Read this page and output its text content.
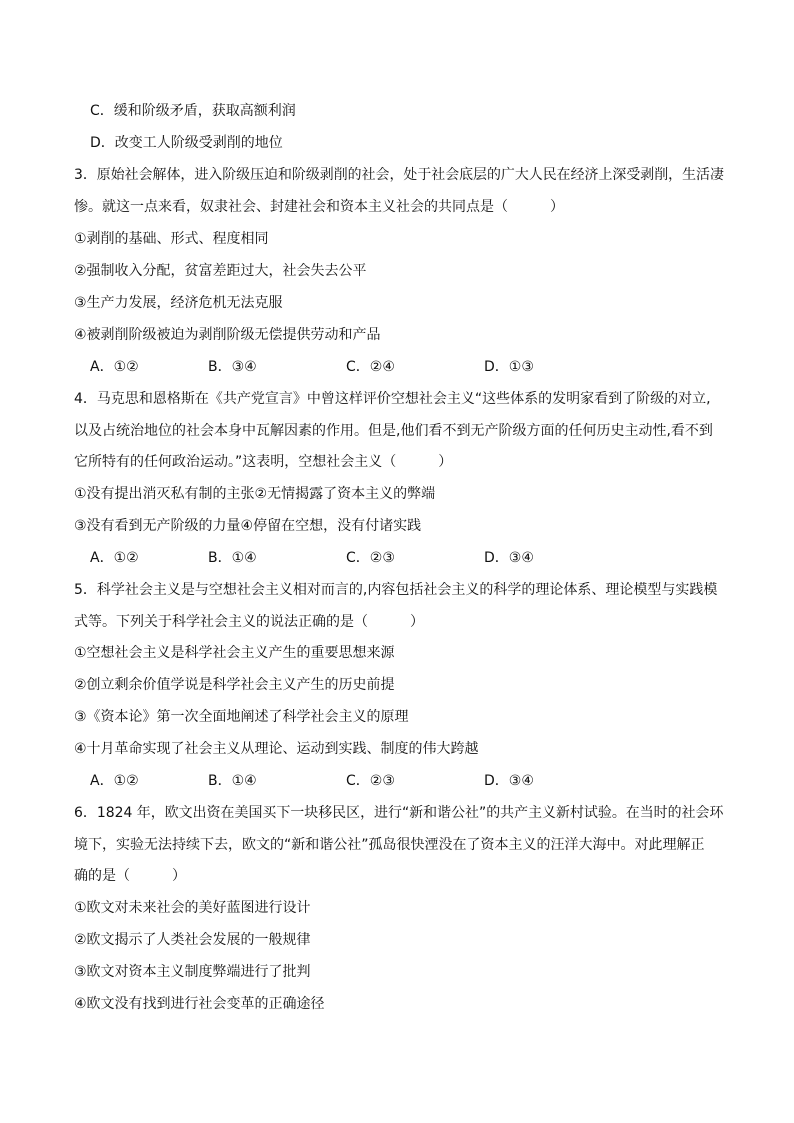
C．缓和阶级矛盾，获取高额利润
D．改变工人阶级受剥削的地位
3．原始社会解体，进入阶级压迫和阶级剥削的社会，处于社会底层的广大人民在经济上深受剥削，生活凄
惨。就这一点来看，奴隶社会、封建社会和资本主义社会的共同点是（　　　）
①剥削的基础、形式、程度相同
②强制收入分配，贫富差距过大，社会失去公平
③生产力发展，经济危机无法克服
④被剥削阶级被迫为剥削阶级无偿提供劳动和产品
A．①②	B．③④	C．②④	D．①③
4．马克思和恩格斯在《共产党宣言》中曾这样评价空想社会主义“这些体系的发明家看到了阶级的对立,
以及占统治地位的社会本身中瓦解因素的作用。但是,他们看不到无产阶级方面的任何历史主动性,看不到
它所特有的任何政治运动。”这表明，空想社会主义（　　　）
①没有提出消灭私有制的主张②无情揭露了资本主义的弊端
③没有看到无产阶级的力量④停留在空想，没有付诸实践
A．①②	B．①④	C．②③	D．③④
5．科学社会主义是与空想社会主义相对而言的,内容包括社会主义的科学的理论体系、理论模型与实践模
式等。下列关于科学社会主义的说法正确的是（　　　）
①空想社会主义是科学社会主义产生的重要思想来源
②创立剩余价值学说是科学社会主义产生的历史前提
③《资本论》第一次全面地阐述了科学社会主义的原理
④十月革命实现了社会主义从理论、运动到实践、制度的伟大跨越
A．①②	B．①④	C．②③	D．③④
6．1824 年，欧文出资在美国买下一块移民区，进行“新和谐公社”的共产主义新村试验。在当时的社会环
境下，实验无法持续下去，欧文的“新和谐公社”孤岛很快湮没在了资本主义的汪洋大海中。对此理解正
确的是（　　　）
①欧文对未来社会的美好蓝图进行设计
②欧文揭示了人类社会发展的一般规律
③欧文对资本主义制度弊端进行了批判
④欧文没有找到进行社会变革的正确途径
